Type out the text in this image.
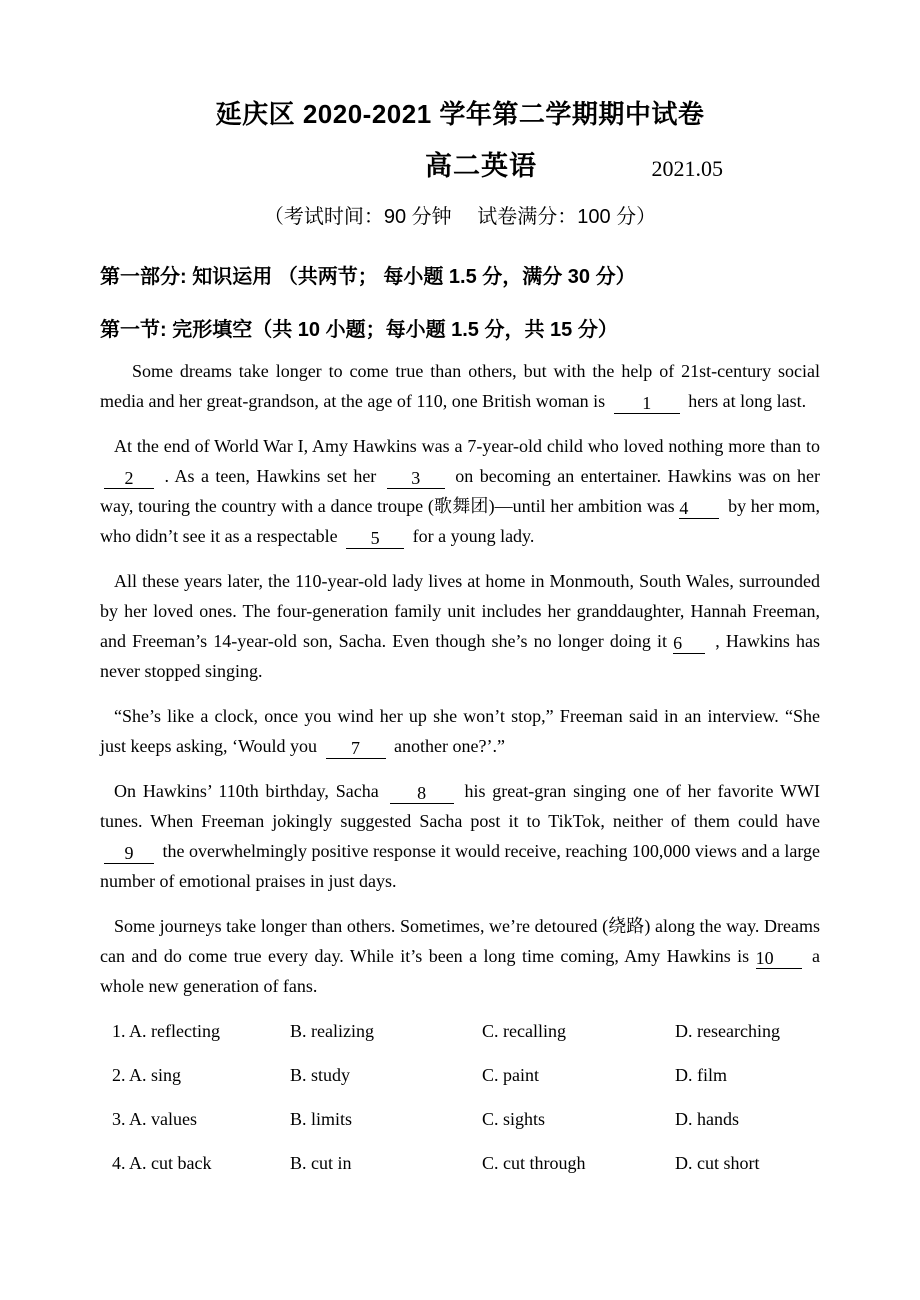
延庆区 2020-2021 学年第二学期期中试卷
高二英语	2021.05
（考试时间：90 分钟　 试卷满分：100 分）
第一部分: 知识运用 （共两节； 每小题 1.5 分，满分 30 分）
第一节: 完形填空（共 10 小题；每小题 1.5 分，共 15 分）
Some dreams take longer to come true than others, but with the help of 21st-century social media and her great-grandson, at the age of 110, one British woman is 1 hers at long last.
At the end of World War I, Amy Hawkins was a 7-year-old child who loved nothing more than to 2 . As a teen, Hawkins set her 3 on becoming an entertainer. Hawkins was on her way, touring the country with a dance troupe (歌舞团)—until her ambition was 4 by her mom, who didn’t see it as a respectable 5 for a young lady.
All these years later, the 110-year-old lady lives at home in Monmouth, South Wales, surrounded by her loved ones. The four-generation family unit includes her granddaughter, Hannah Freeman, and Freeman’s 14-year-old son, Sacha. Even though she’s no longer doing it 6 , Hawkins has never stopped singing.
“She’s like a clock, once you wind her up she won’t stop,” Freeman said in an interview. “She just keeps asking, ‘Would you 7 another one?’.”
On Hawkins’ 110th birthday, Sacha 8 his great-gran singing one of her favorite WWI tunes. When Freeman jokingly suggested Sacha post it to TikTok, neither of them could have 9 the overwhelmingly positive response it would receive, reaching 100,000 views and a large number of emotional praises in just days.
Some journeys take longer than others. Sometimes, we’re detoured (绕路) along the way. Dreams can and do come true every day. While it’s been a long time coming, Amy Hawkins is 10 a whole new generation of fans.
1. A. reflecting	B. realizing	C. recalling	D. researching
2. A. sing	B. study	C. paint	D. film
3. A. values	B. limits	C. sights	D. hands
4. A. cut back	B. cut in	C. cut through	D. cut short
